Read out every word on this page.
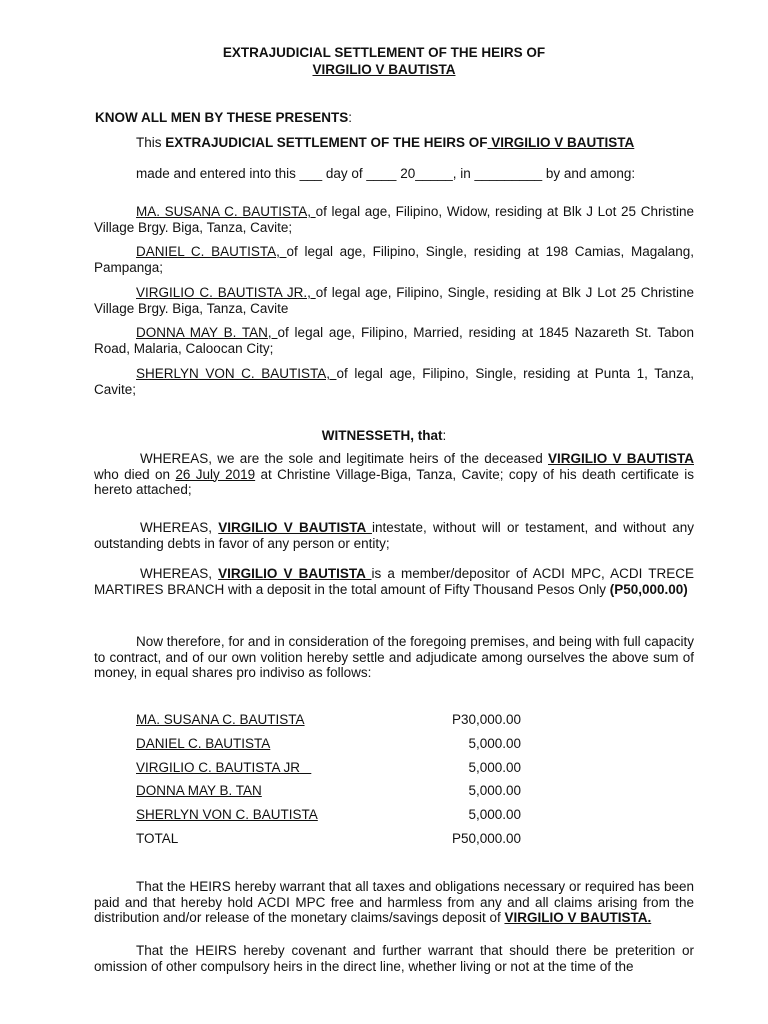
EXTRAJUDICIAL SETTLEMENT OF THE HEIRS OF
VIRGILIO V BAUTISTA
KNOW ALL MEN BY THESE PRESENTS:
This EXTRAJUDICIAL SETTLEMENT OF THE HEIRS OF VIRGILIO V BAUTISTA
made and entered into this ___ day of ____ 20_____, in _________ by and among:
MA. SUSANA C. BAUTISTA, of legal age, Filipino, Widow, residing at Blk J Lot 25 Christine Village Brgy. Biga, Tanza, Cavite;
DANIEL C. BAUTISTA, of legal age, Filipino, Single, residing at 198 Camias, Magalang, Pampanga;
VIRGILIO C. BAUTISTA JR., of legal age, Filipino, Single, residing at Blk J Lot 25 Christine Village Brgy. Biga, Tanza, Cavite
DONNA MAY B. TAN, of legal age, Filipino, Married, residing at 1845 Nazareth St. Tabon Road, Malaria, Caloocan City;
SHERLYN VON C. BAUTISTA, of legal age, Filipino, Single, residing at Punta 1, Tanza, Cavite;
WITNESSETH, that:
WHEREAS, we are the sole and legitimate heirs of the deceased VIRGILIO V BAUTISTA who died on 26 July 2019 at Christine Village-Biga, Tanza, Cavite; copy of his death certificate is hereto attached;
WHEREAS, VIRGILIO V BAUTISTA intestate, without will or testament, and without any outstanding debts in favor of any person or entity;
WHEREAS, VIRGILIO V BAUTISTA is a member/depositor of ACDI MPC, ACDI TRECE MARTIRES BRANCH with a deposit in the total amount of Fifty Thousand Pesos Only (P50,000.00)
Now therefore, for and in consideration of the foregoing premises, and being with full capacity to contract, and of our own volition hereby settle and adjudicate among ourselves the above sum of money, in equal shares pro indiviso as follows:
MA. SUSANA C. BAUTISTA	P30,000.00
DANIEL C. BAUTISTA	5,000.00
VIRGILIO C. BAUTISTA JR	5,000.00
DONNA MAY B. TAN	5,000.00
SHERLYN VON C. BAUTISTA	5,000.00
TOTAL	P50,000.00
That the HEIRS hereby warrant that all taxes and obligations necessary or required has been paid and that hereby hold ACDI MPC free and harmless from any and all claims arising from the distribution and/or release of the monetary claims/savings deposit of VIRGILIO V BAUTISTA.
That the HEIRS hereby covenant and further warrant that should there be preterition or omission of other compulsory heirs in the direct line, whether living or not at the time of the
